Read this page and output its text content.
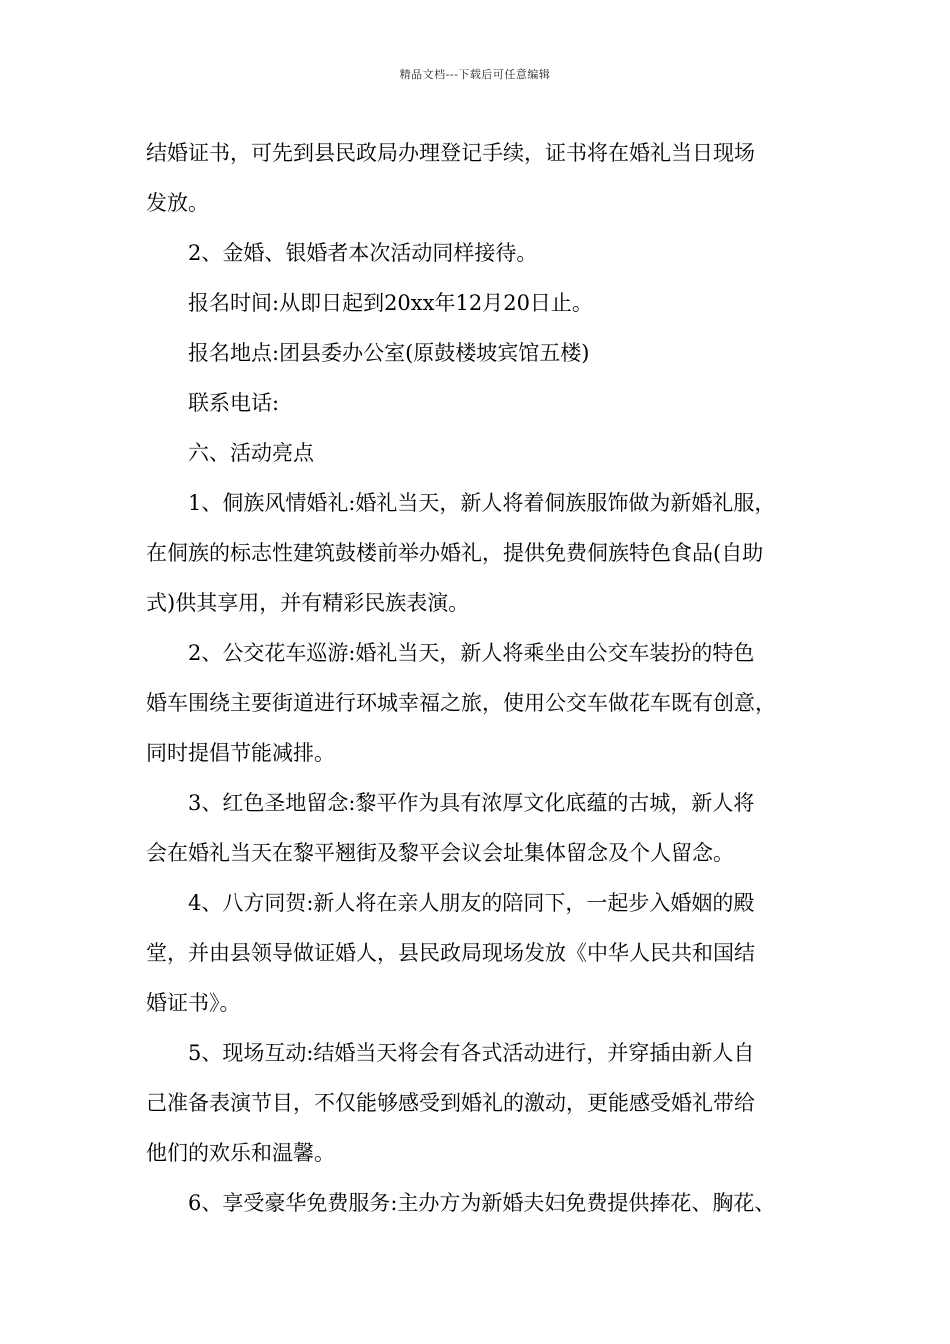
精品文档---下载后可任意编辑
结婚证书，可先到县民政局办理登记手续，证书将在婚礼当日现场
发放。
2、金婚、银婚者本次活动同样接待。
报名时间:从即日起到20xx年12月20日止。
报名地点:团县委办公室(原鼓楼坡宾馆五楼)
联系电话:
六、活动亮点
1、侗族风情婚礼:婚礼当天，新人将着侗族服饰做为新婚礼服，
在侗族的标志性建筑鼓楼前举办婚礼，提供免费侗族特色食品(自助
式)供其享用，并有精彩民族表演。
2、公交花车巡游:婚礼当天，新人将乘坐由公交车装扮的特色
婚车围绕主要街道进行环城幸福之旅，使用公交车做花车既有创意，
同时提倡节能减排。
3、红色圣地留念:黎平作为具有浓厚文化底蕴的古城，新人将
会在婚礼当天在黎平翘街及黎平会议会址集体留念及个人留念。
4、八方同贺:新人将在亲人朋友的陪同下，一起步入婚姻的殿
堂，并由县领导做证婚人，县民政局现场发放《中华人民共和国结
婚证书》。
5、现场互动:结婚当天将会有各式活动进行，并穿插由新人自
己准备表演节目，不仅能够感受到婚礼的激动，更能感受婚礼带给
他们的欢乐和温馨。
6、享受豪华免费服务:主办方为新婚夫妇免费提供捧花、胸花、
